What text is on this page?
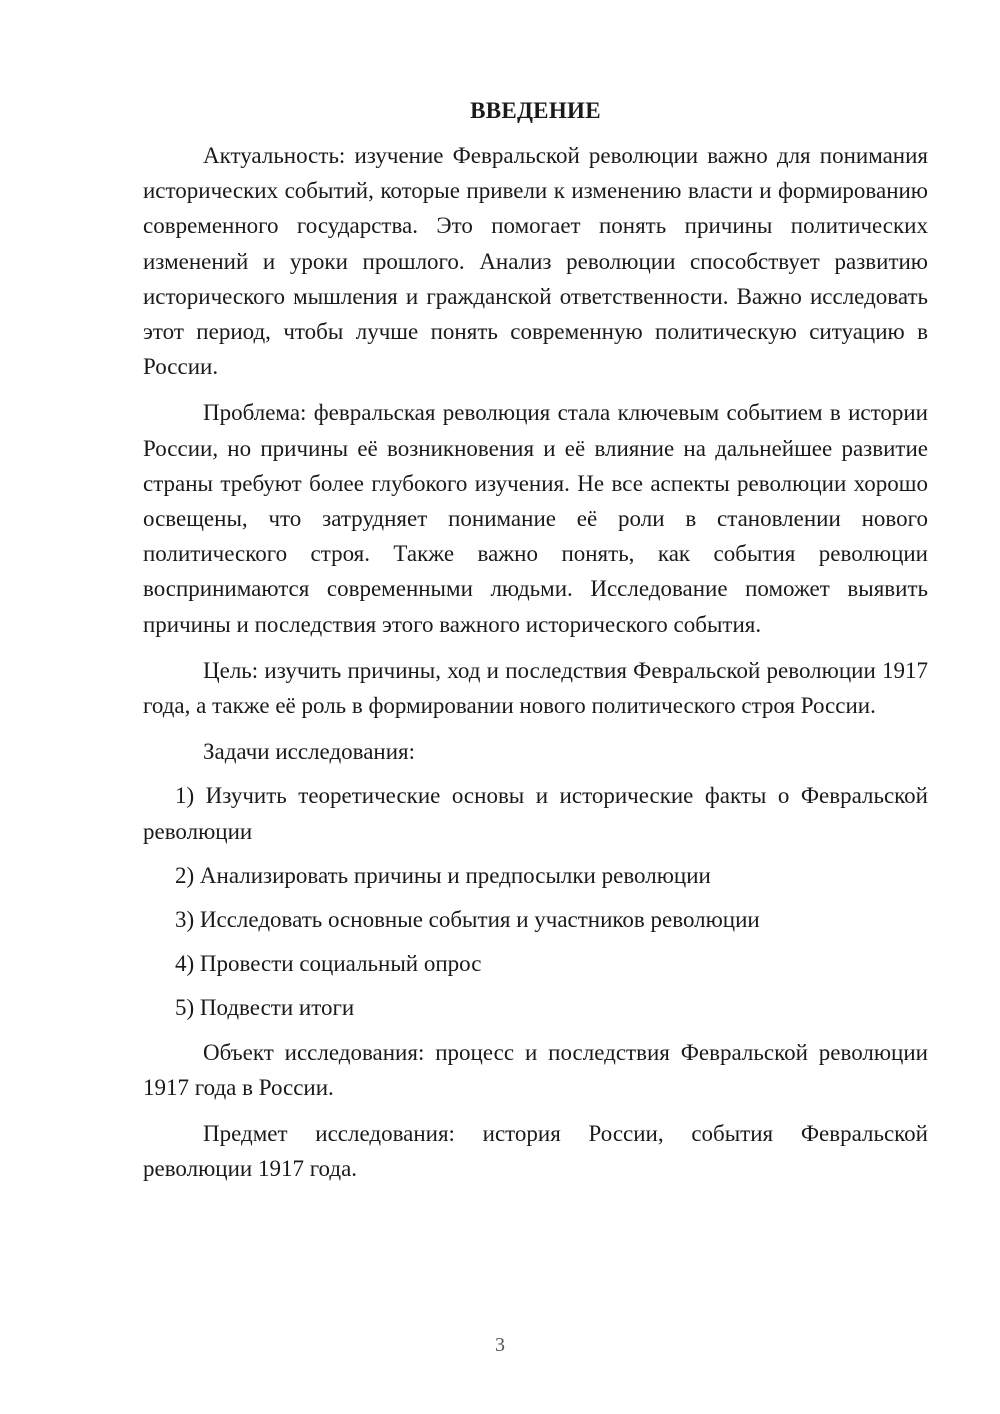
ВВЕДЕНИЕ

Актуальность: изучение Февральской революции важно для понимания исторических событий, которые привели к изменению власти и формированию современного государства. Это помогает понять причины политических изменений и уроки прошлого. Анализ революции способствует развитию исторического мышления и гражданской ответственности. Важно исследовать этот период, чтобы лучше понять современную политическую ситуацию в России.

Проблема: февральская революция стала ключевым событием в истории России, но причины её возникновения и её влияние на дальнейшее развитие страны требуют более глубокого изучения. Не все аспекты революции хорошо освещены, что затрудняет понимание её роли в становлении нового политического строя. Также важно понять, как события революции воспринимаются современными людьми. Исследование поможет выявить причины и последствия этого важного исторического события.

Цель: изучить причины, ход и последствия Февральской революции 1917 года, а также её роль в формировании нового политического строя России.

Задачи исследования:

1) Изучить теоретические основы и исторические факты о Февральской революции

2) Анализировать причины и предпосылки революции

3) Исследовать основные события и участников революции

4) Провести социальный опрос

5) Подвести итоги

Объект исследования: процесс и последствия Февральской революции 1917 года в России.

Предмет исследования: история России, события Февральской революции 1917 года.

3
